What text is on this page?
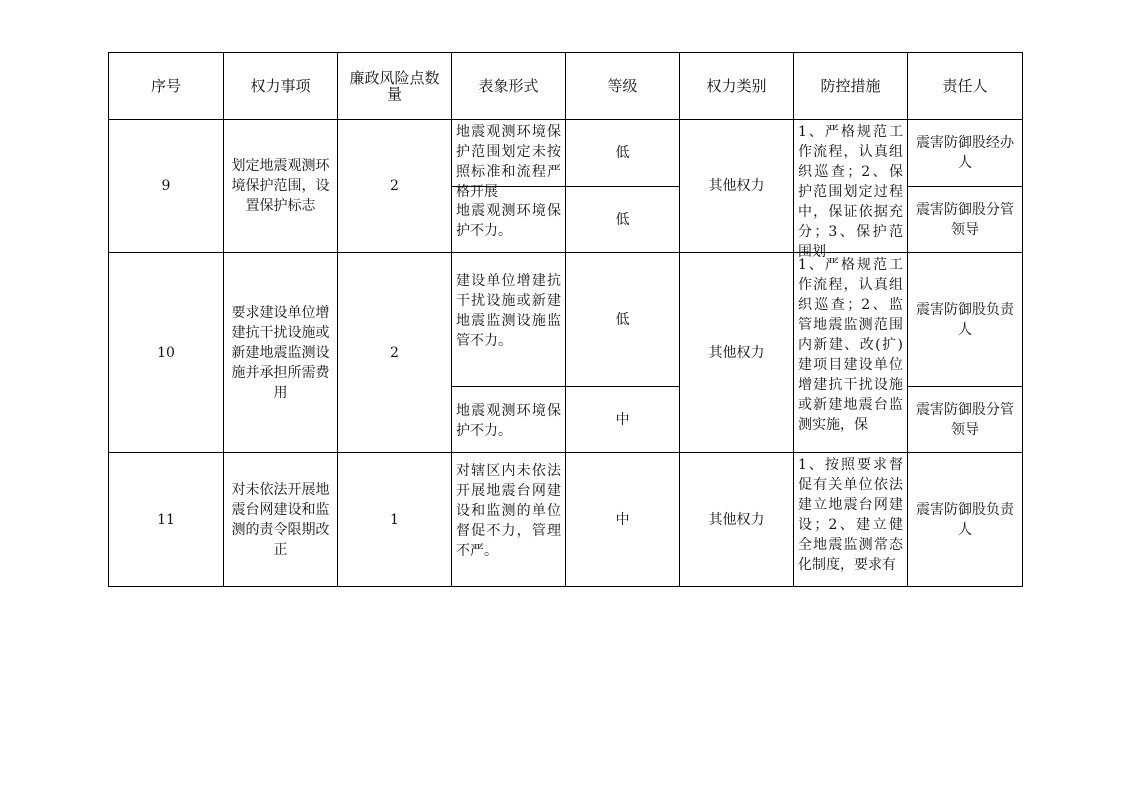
序号	权力事项	廉政风险点数量	表象形式	等级	权力类别	防控措施	责任人

9	划定地震观测环境保护范围，设置保护标志	2	地震观测环境保护范围划定未按照标准和流程严格开展	低	其他权力	1、严格规范工作流程，认真组织巡查；2、保护范围划定过程中，保证依据充分；3、保护范围划	震害防御股经办人

			地震观测环境保护不力。	低			震害防御股分管领导

10	要求建设单位增建抗干扰设施或新建地震监测设施并承担所需费用	2	建设单位增建抗干扰设施或新建地震监测设施监管不力。	低	其他权力	1、严格规范工作流程，认真组织巡查；2、监管地震监测范围内新建、改(扩)建项目建设单位增建抗干扰设施或新建地震台监测实施，保	震害防御股负责人

			地震观测环境保护不力。	中			震害防御股分管领导

11	对未依法开展地震台网建设和监测的责令限期改正	1	对辖区内未依法开展地震台网建设和监测的单位督促不力，管理不严。	中	其他权力	1、按照要求督促有关单位依法建立地震台网建设；2、建立健全地震监测常态化制度，要求有	震害防御股负责人
